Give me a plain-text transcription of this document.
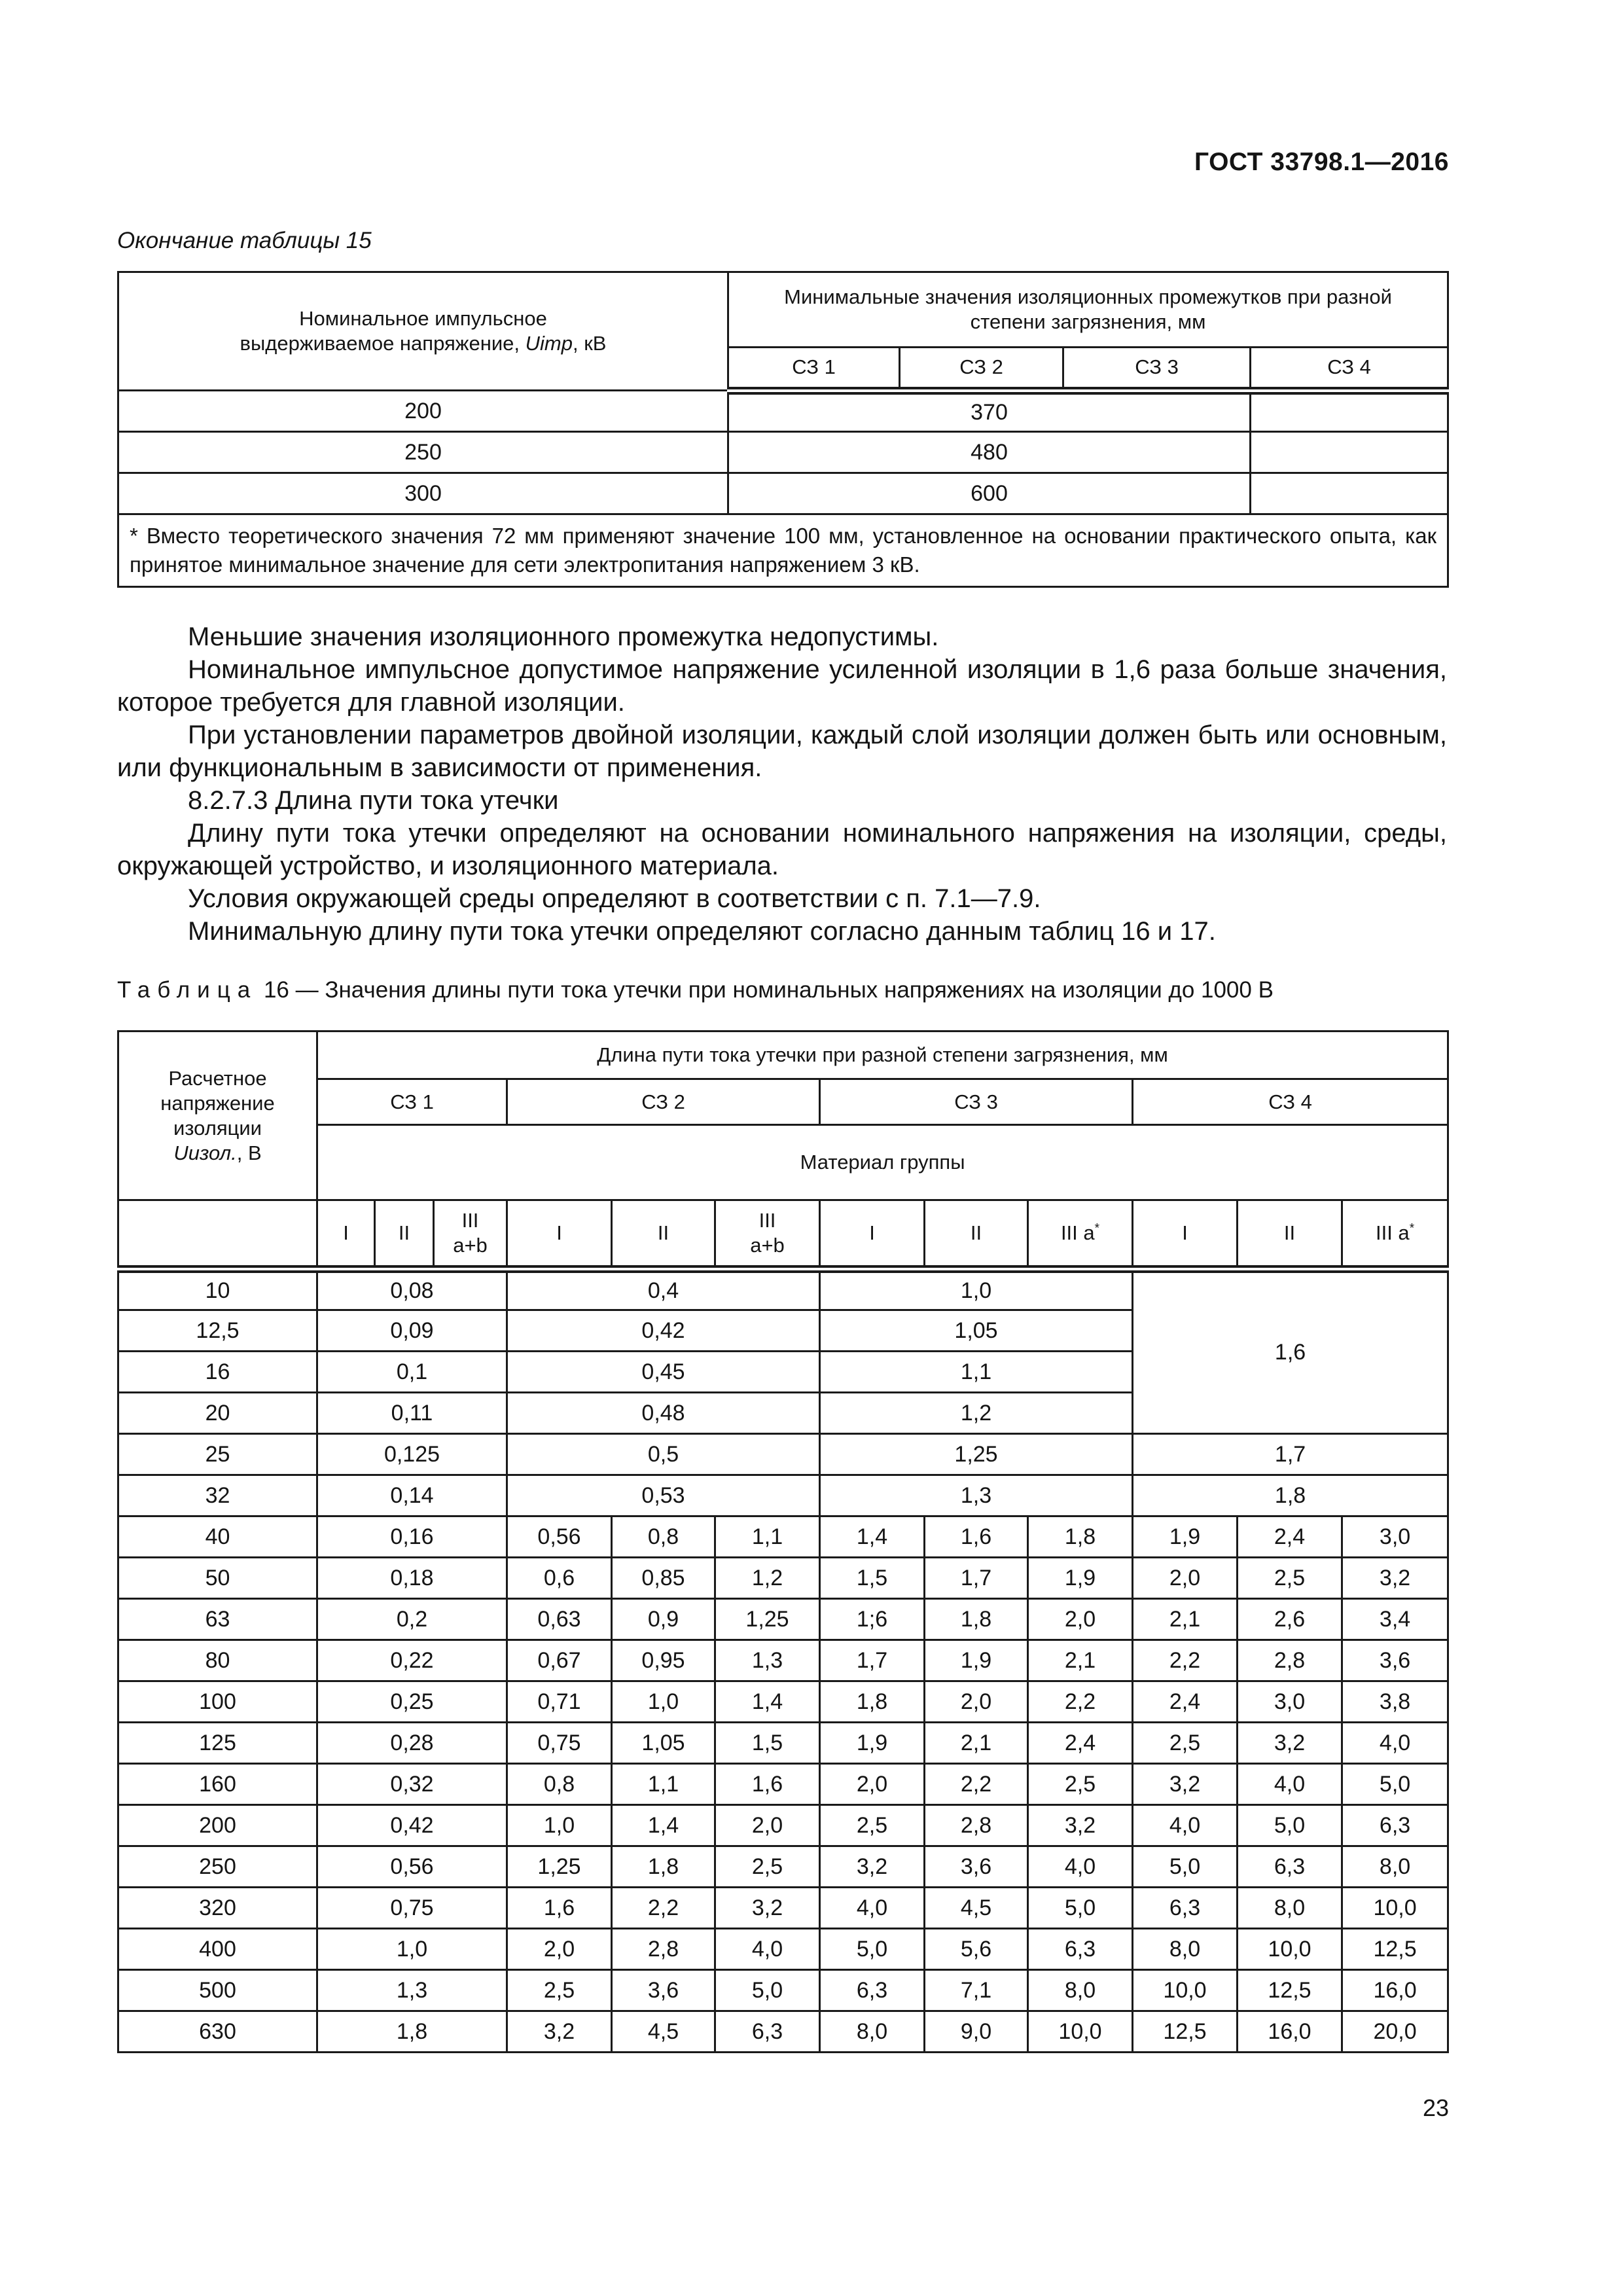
ГОСТ 33798.1—2016
Окончание таблицы 15
Номинальное импульсное
выдерживаемое напряжение, Uimp, кВ	Минимальные значения изоляционных промежутков при разной степени загрязнения, мм			
	СЗ 1	СЗ 2	СЗ 3	СЗ 4
200	370			
250	480			
300	600			
* Вместо теоретического значения 72 мм применяют значение 100 мм, установленное на основании практического опыта, как принятое минимальное значение для сети электропитания напряжением 3 кВ.				

Меньшие значения изоляционного промежутка недопустимы.

Номинальное импульсное допустимое напряжение усиленной изоляции в 1,6 раза больше значения, которое требуется для главной изоляции.

При установлении параметров двойной изоляции, каждый слой изоляции должен быть или основным, или функциональным в зависимости от применения.

8.2.7.3 Длина пути тока утечки

Длину пути тока утечки определяют на основании номинального напряжения на изоляции, среды, окружающей устройство, и изоляционного материала.

Условия окружающей среды определяют в соответствии с п. 7.1—7.9.

Минимальную длину пути тока утечки определяют согласно данным таблиц 16 и 17.

Таблица 16 — Значения длины пути тока утечки при номинальных напряжениях на изоляции до 1000 В
Расчетное
напряжение
изоляции
Uизол., В	Длина пути тока утечки при разной степени загрязнения, мм											
	СЗ 1			СЗ 2			СЗ 3			СЗ 4		
	Материал группы											
	I	II	III
a+b	I	II	III
a+b	I	II	III a*	I	II	III a*
10	0,08			0,4			1,0			1,6		
12,5	0,09			0,42			1,05					
16	0,1			0,45			1,1					
20	0,11			0,48			1,2					
25	0,125			0,5			1,25			1,7		
32	0,14			0,53			1,3			1,8		
40	0,16			0,56	0,8	1,1	1,4	1,6	1,8	1,9	2,4	3,0
50	0,18			0,6	0,85	1,2	1,5	1,7	1,9	2,0	2,5	3,2
63	0,2			0,63	0,9	1,25	1;6	1,8	2,0	2,1	2,6	3,4
80	0,22			0,67	0,95	1,3	1,7	1,9	2,1	2,2	2,8	3,6
100	0,25			0,71	1,0	1,4	1,8	2,0	2,2	2,4	3,0	3,8
125	0,28			0,75	1,05	1,5	1,9	2,1	2,4	2,5	3,2	4,0
160	0,32			0,8	1,1	1,6	2,0	2,2	2,5	3,2	4,0	5,0
200	0,42			1,0	1,4	2,0	2,5	2,8	3,2	4,0	5,0	6,3
250	0,56			1,25	1,8	2,5	3,2	3,6	4,0	5,0	6,3	8,0
320	0,75			1,6	2,2	3,2	4,0	4,5	5,0	6,3	8,0	10,0
400	1,0			2,0	2,8	4,0	5,0	5,6	6,3	8,0	10,0	12,5
500	1,3			2,5	3,6	5,0	6,3	7,1	8,0	10,0	12,5	16,0
630	1,8			3,2	4,5	6,3	8,0	9,0	10,0	12,5	16,0	20,0
23
